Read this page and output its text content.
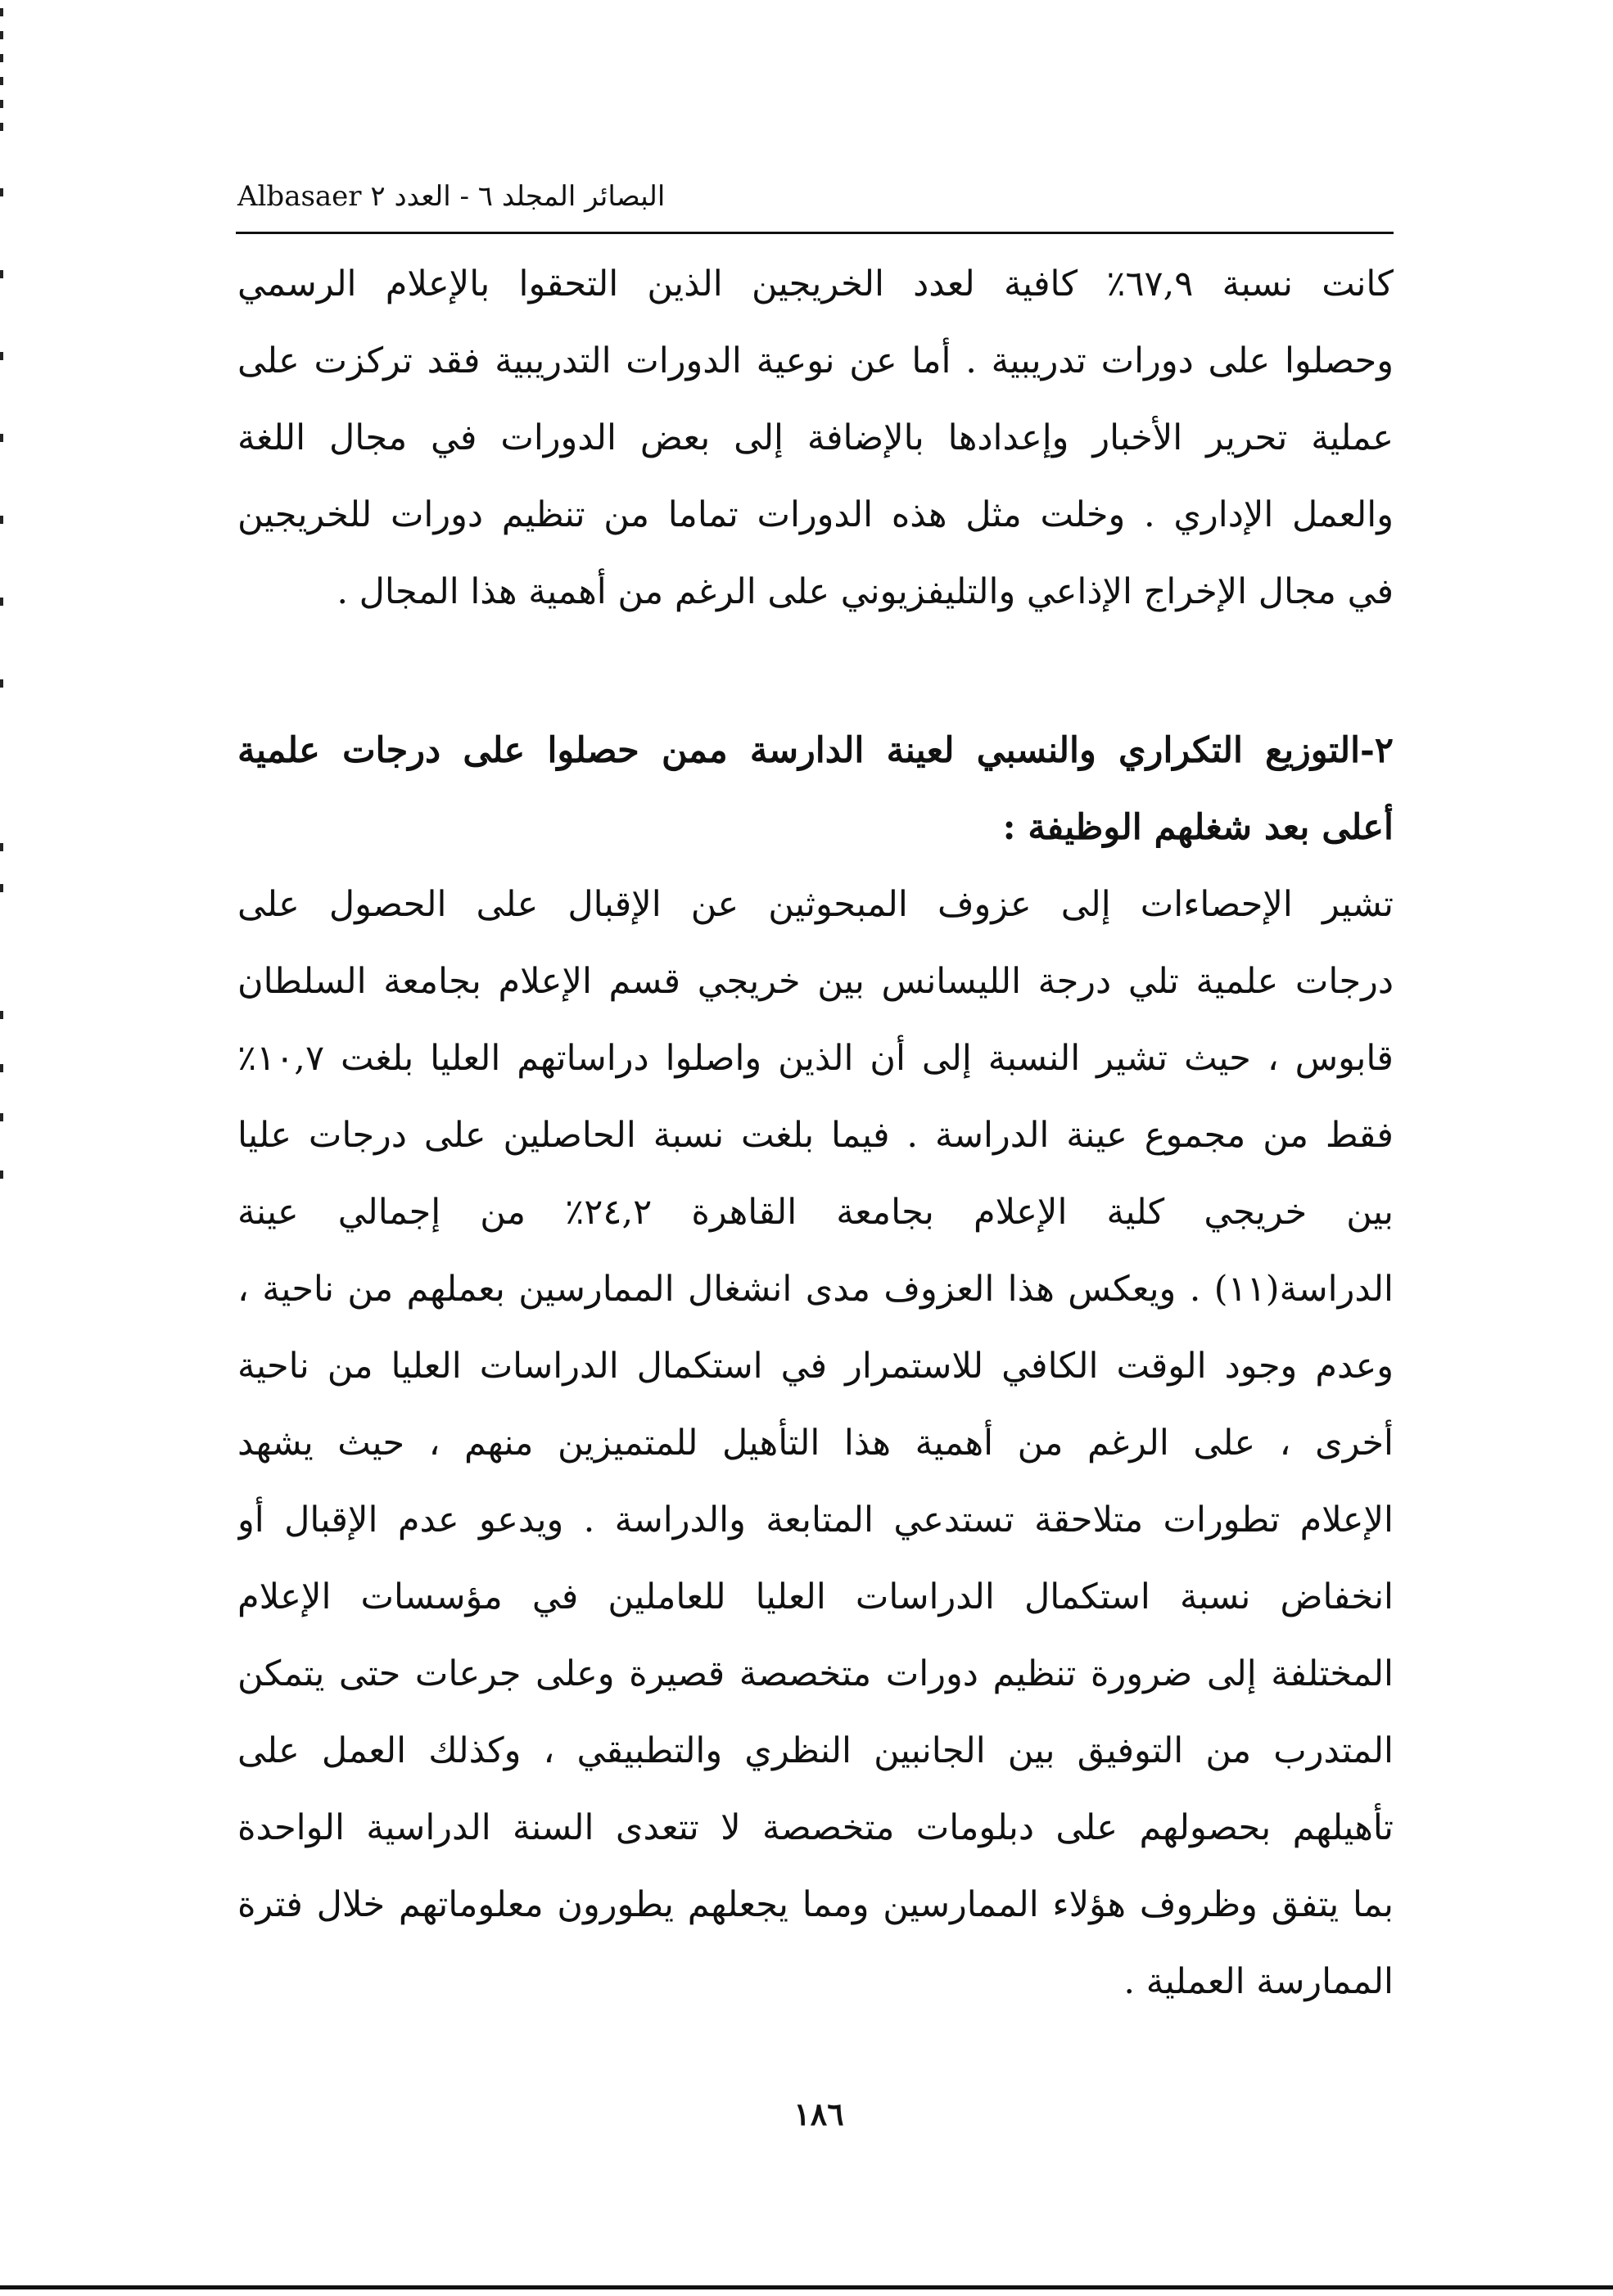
Albasaer البصائر المجلد ٦ - العدد ٢
كانت نسبة ٦٧,٩٪ كافية لعدد الخريجين الذين التحقوا بالإعلام الرسمي
وحصلوا على دورات تدريبية . أما عن نوعية الدورات التدريبية فقد تركزت على
عملية تحرير الأخبار وإعدادها بالإضافة إلى بعض الدورات في مجال اللغة
والعمل الإداري . وخلت مثل هذه الدورات تماما من تنظيم دورات للخريجين
في مجال الإخراج الإذاعي والتليفزيوني على الرغم من أهمية هذا المجال .
٢-التوزيع التكراري والنسبي لعينة الدارسة ممن حصلوا على درجات علمية
أعلى بعد شغلهم الوظيفة :
تشير الإحصاءات إلى عزوف المبحوثين عن الإقبال على الحصول على
درجات علمية تلي درجة الليسانس بين خريجي قسم الإعلام بجامعة السلطان
قابوس ، حيث تشير النسبة إلى أن الذين واصلوا دراساتهم العليا بلغت ١٠,٧٪
فقط من مجموع عينة الدراسة . فيما بلغت نسبة الحاصلين على درجات عليا
بين خريجي كلية الإعلام بجامعة القاهرة ٢٤,٢٪ من إجمالي عينة
الدراسة(١١) . ويعكس هذا العزوف مدى انشغال الممارسين بعملهم من ناحية ،
وعدم وجود الوقت الكافي للاستمرار في استكمال الدراسات العليا من ناحية
أخرى ، على الرغم من أهمية هذا التأهيل للمتميزين منهم ، حيث يشهد
الإعلام تطورات متلاحقة تستدعي المتابعة والدراسة . ويدعو عدم الإقبال أو
انخفاض نسبة استكمال الدراسات العليا للعاملين في مؤسسات الإعلام
المختلفة إلى ضرورة تنظيم دورات متخصصة قصيرة وعلى جرعات حتى يتمكن
المتدرب من التوفيق بين الجانبين النظري والتطبيقي ، وكذلك العمل على
تأهيلهم بحصولهم على دبلومات متخصصة لا تتعدى السنة الدراسية الواحدة
بما يتفق وظروف هؤلاء الممارسين ومما يجعلهم يطورون معلوماتهم خلال فترة
الممارسة العملية .
١٨٦
